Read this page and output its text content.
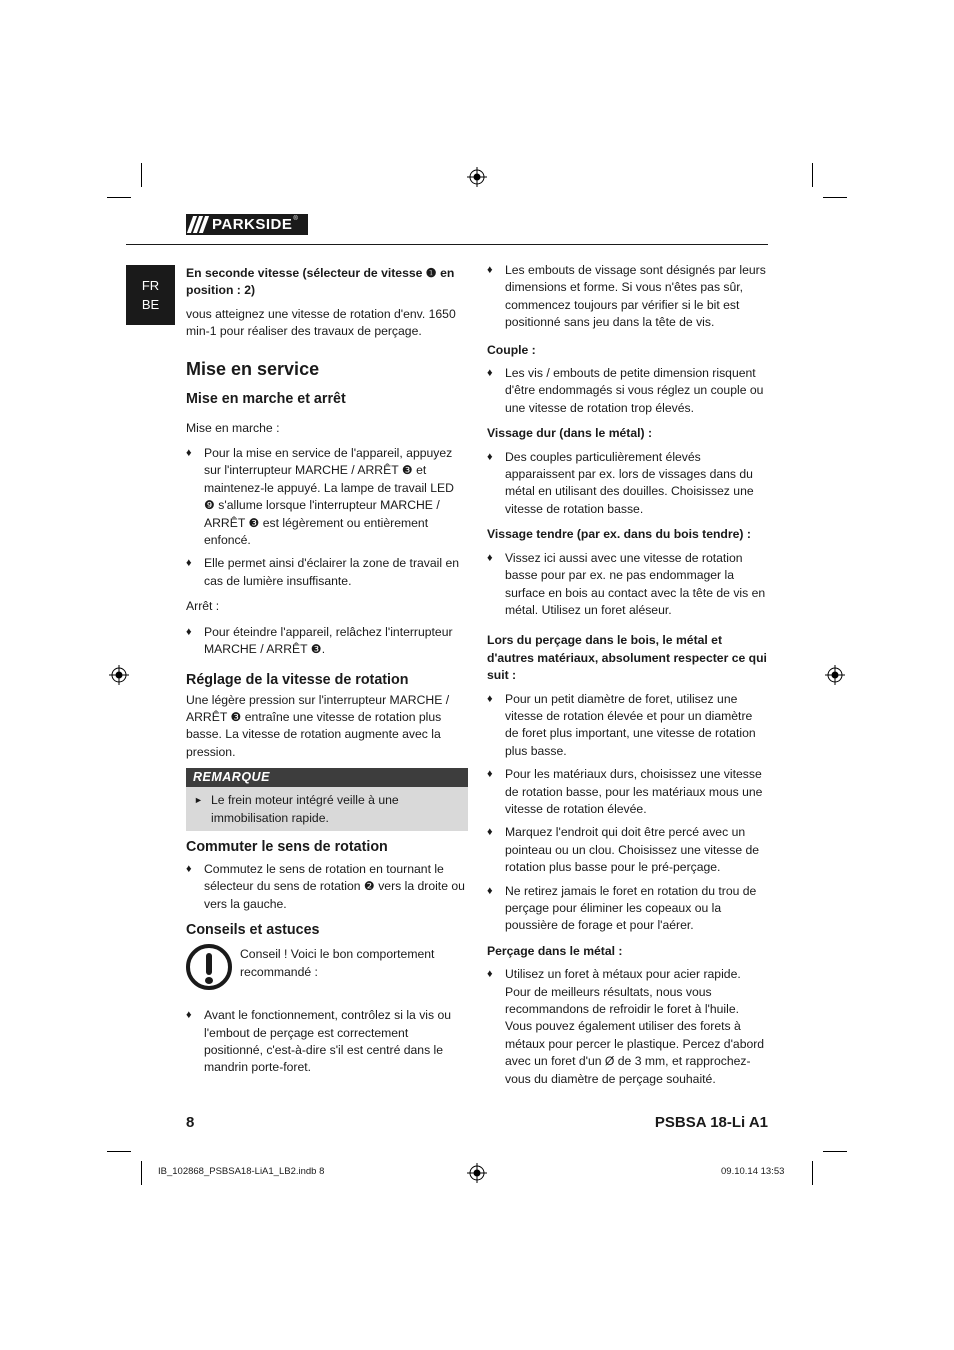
PARKSIDE ®
FR
BE

En seconde vitesse (sélecteur de vitesse ❶ en position : 2)

vous atteignez une vitesse de rotation d'env. 1650 min-1 pour réaliser des travaux de perçage.

Mise en service
Mise en marche et arrêt

Mise en marche :

♦ Pour la mise en service de l'appareil, appuyez sur l'interrupteur MARCHE / ARRÊT ❸ et maintenez-le appuyé. La lampe de travail LED ❾ s'allume lorsque l'interrupteur MARCHE / ARRÊT ❸ est légèrement ou entièrement enfoncé.

♦ Elle permet ainsi d'éclairer la zone de travail en cas de lumière insuffisante.

Arrêt :

♦ Pour éteindre l'appareil, relâchez l'interrupteur MARCHE / ARRÊT ❸.

Réglage de la vitesse de rotation

Une légère pression sur l'interrupteur MARCHE / ARRÊT ❸ entraîne une vitesse de rotation plus basse. La vitesse de rotation augmente avec la pression.

REMARQUE
► Le frein moteur intégré veille à une immobilisation rapide.

Commuter le sens de rotation
♦ Commutez le sens de rotation en tournant le sélecteur du sens de rotation ❷ vers la droite ou vers la gauche.

Conseils et astuces

Conseil ! Voici le bon comportement recommandé :

♦ Avant le fonctionnement, contrôlez si la vis ou l'embout de perçage est correctement positionné, c'est-à-dire s'il est centré dans le mandrin porte-foret.

♦ Les embouts de vissage sont désignés par leurs dimensions et forme. Si vous n'êtes pas sûr, commencez toujours par vérifier si le bit est positionné sans jeu dans la tête de vis.

Couple :

♦ Les vis / embouts de petite dimension risquent d'être endommagés si vous réglez un couple ou une vitesse de rotation trop élevés.

Vissage dur (dans le métal) :

♦ Des couples particulièrement élevés apparaissent par ex. lors de vissages dans du métal en utilisant des douilles. Choisissez une vitesse de rotation basse.

Vissage tendre (par ex. dans du bois tendre) :

♦ Vissez ici aussi avec une vitesse de rotation basse pour par ex. ne pas endommager la surface en bois au contact avec la tête de vis en métal. Utilisez un foret aléseur.

Lors du perçage dans le bois, le métal et d'autres matériaux, absolument respecter ce qui suit :

♦ Pour un petit diamètre de foret, utilisez une vitesse de rotation élevée et pour un diamètre de foret plus important, une vitesse de rotation plus basse.

♦ Pour les matériaux durs, choisissez une vitesse de rotation basse, pour les matériaux mous une vitesse de rotation élevée.

♦ Marquez l'endroit qui doit être percé avec un pointeau ou un clou. Choisissez une vitesse de rotation plus basse pour le pré-perçage.

♦ Ne retirez jamais le foret en rotation du trou de perçage pour éliminer les copeaux ou la poussière de forage et pour l'aérer.

Perçage dans le métal :

♦ Utilisez un foret à métaux pour acier rapide. Pour de meilleurs résultats, nous vous recommandons de refroidir le foret à l'huile. Vous pouvez également utiliser des forets à métaux pour percer le plastique. Percez d'abord avec un foret d'un Ø de 3 mm, et rapprochez-vous du diamètre de perçage souhaité.

8	PSBSA 18-Li A1
IB_102868_PSBSA18-LiA1_LB2.indb 8	09.10.14 13:53
